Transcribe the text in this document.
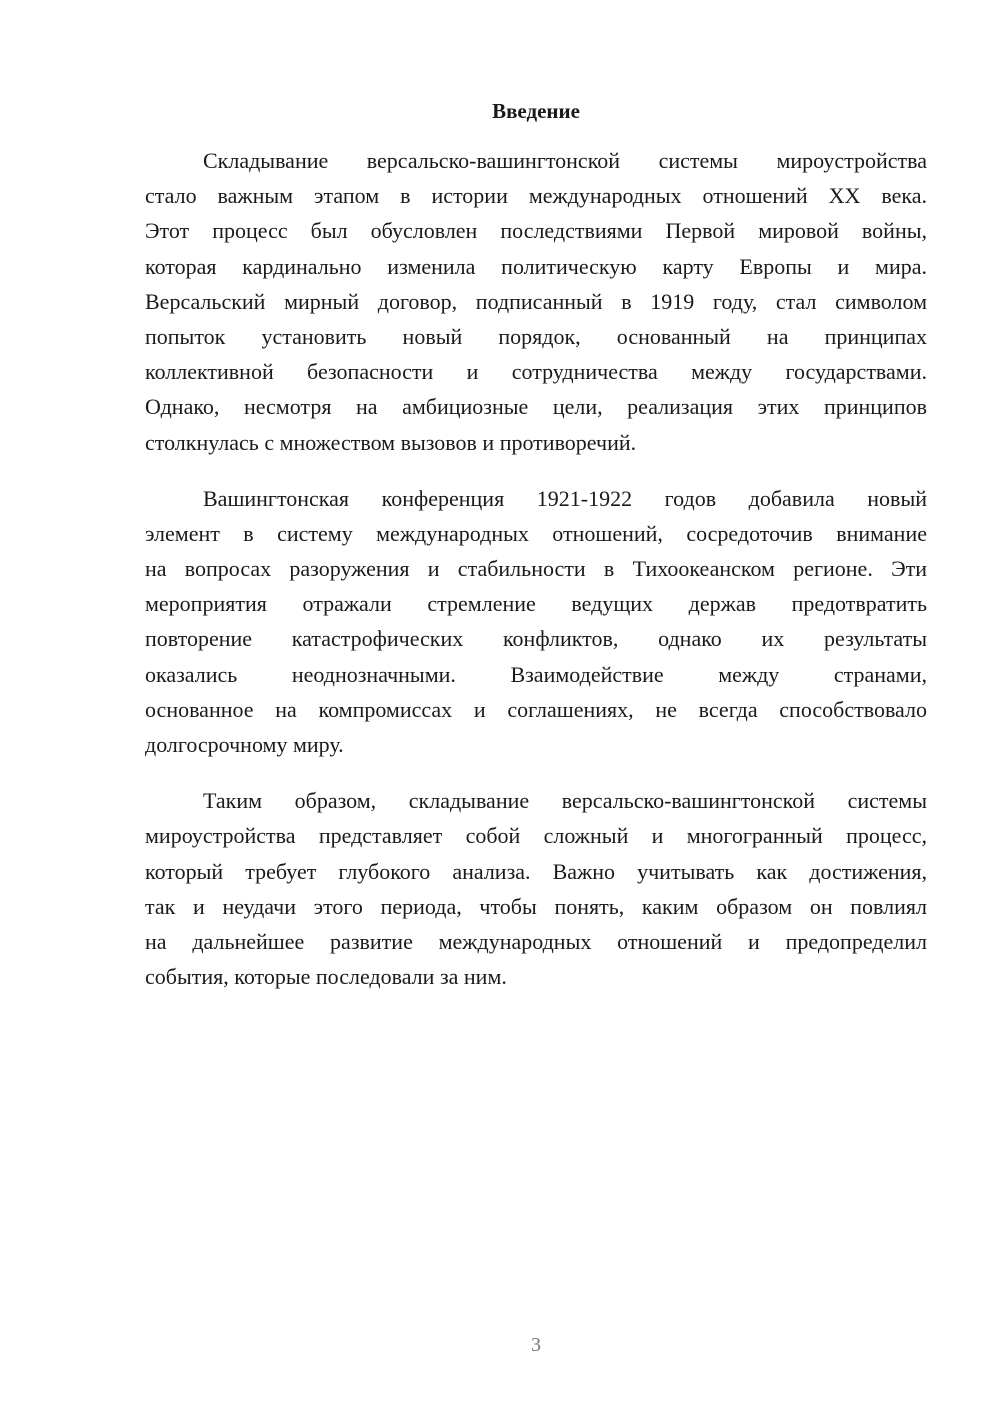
Введение
Складывание версальско-вашингтонской системы мироустройства
стало важным этапом в истории международных отношений XX века.
Этот процесс был обусловлен последствиями Первой мировой войны,
которая кардинально изменила политическую карту Европы и мира.
Версальский мирный договор, подписанный в 1919 году, стал символом
попыток установить новый порядок, основанный на принципах
коллективной безопасности и сотрудничества между государствами.
Однако, несмотря на амбициозные цели, реализация этих принципов
столкнулась с множеством вызовов и противоречий.
Вашингтонская конференция 1921-1922 годов добавила новый
элемент в систему международных отношений, сосредоточив внимание
на вопросах разоружения и стабильности в Тихоокеанском регионе. Эти
мероприятия отражали стремление ведущих держав предотвратить
повторение катастрофических конфликтов, однако их результаты
оказались неоднозначными. Взаимодействие между странами,
основанное на компромиссах и соглашениях, не всегда способствовало
долгосрочному миру.
Таким образом, складывание версальско-вашингтонской системы
мироустройства представляет собой сложный и многогранный процесс,
который требует глубокого анализа. Важно учитывать как достижения,
так и неудачи этого периода, чтобы понять, каким образом он повлиял
на дальнейшее развитие международных отношений и предопределил
события, которые последовали за ним.
3
